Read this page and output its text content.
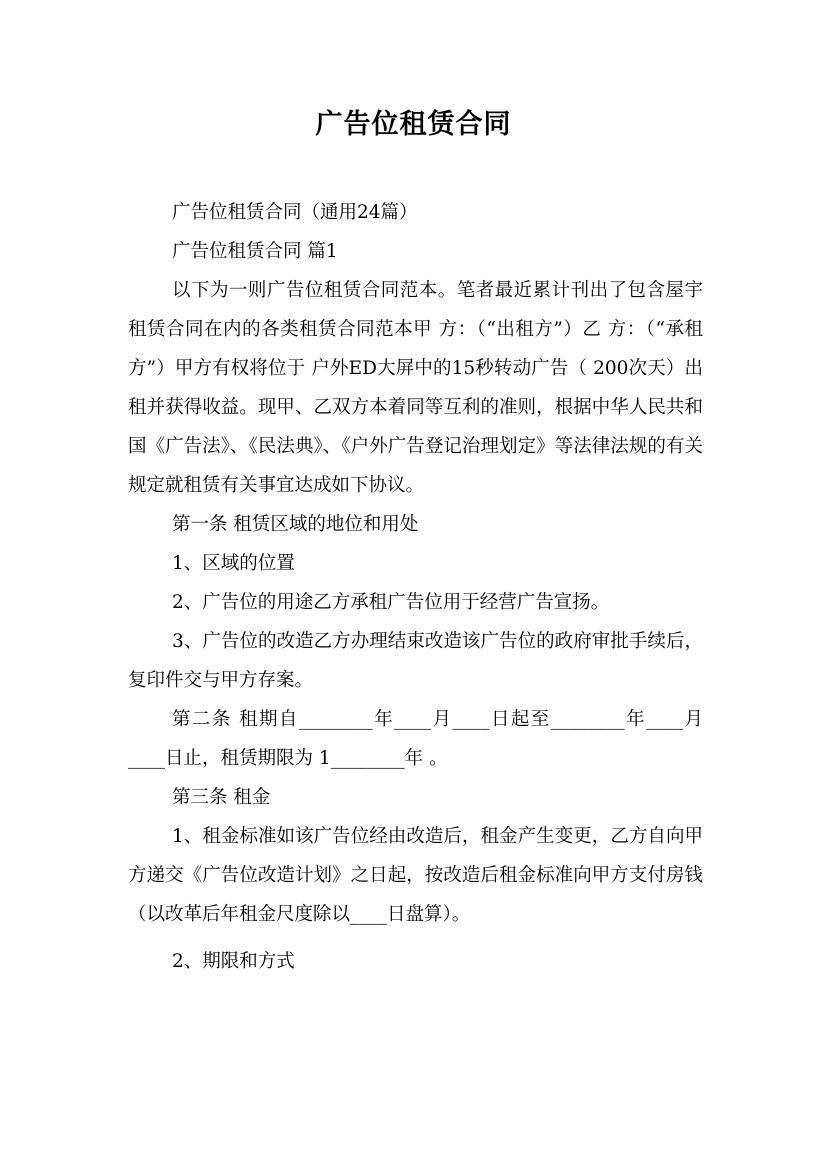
广告位租赁合同

广告位租赁合同（通用24篇）

广告位租赁合同 篇1

以下为一则广告位租赁合同范本。笔者最近累计刊出了包含屋宇租赁合同在内的各类租赁合同范本甲 方：（“出租方”）乙 方：（“承租方”）甲方有权将位于 户外ED大屏中的15秒转动广告（ 200次天）出租并获得收益。现甲、乙双方本着同等互利的准则，根据中华人民共和国《广告法》、《民法典》、《户外广告登记治理划定》等法律法规的有关规定就租赁有关事宜达成如下协议。

第一条 租赁区域的地位和用处

1、区域的位置

2、广告位的用途乙方承租广告位用于经营广告宣扬。

3、广告位的改造乙方办理结束改造该广告位的政府审批手续后，复印件交与甲方存案。

第二条 租期自________年____月____日起至________年____月____日止，租赁期限为 1________年 。

第三条 租金

1、租金标准如该广告位经由改造后，租金产生变更，乙方自向甲方递交《广告位改造计划》之日起，按改造后租金标准向甲方支付房钱（以改革后年租金尺度除以____日盘算）。

2、期限和方式
